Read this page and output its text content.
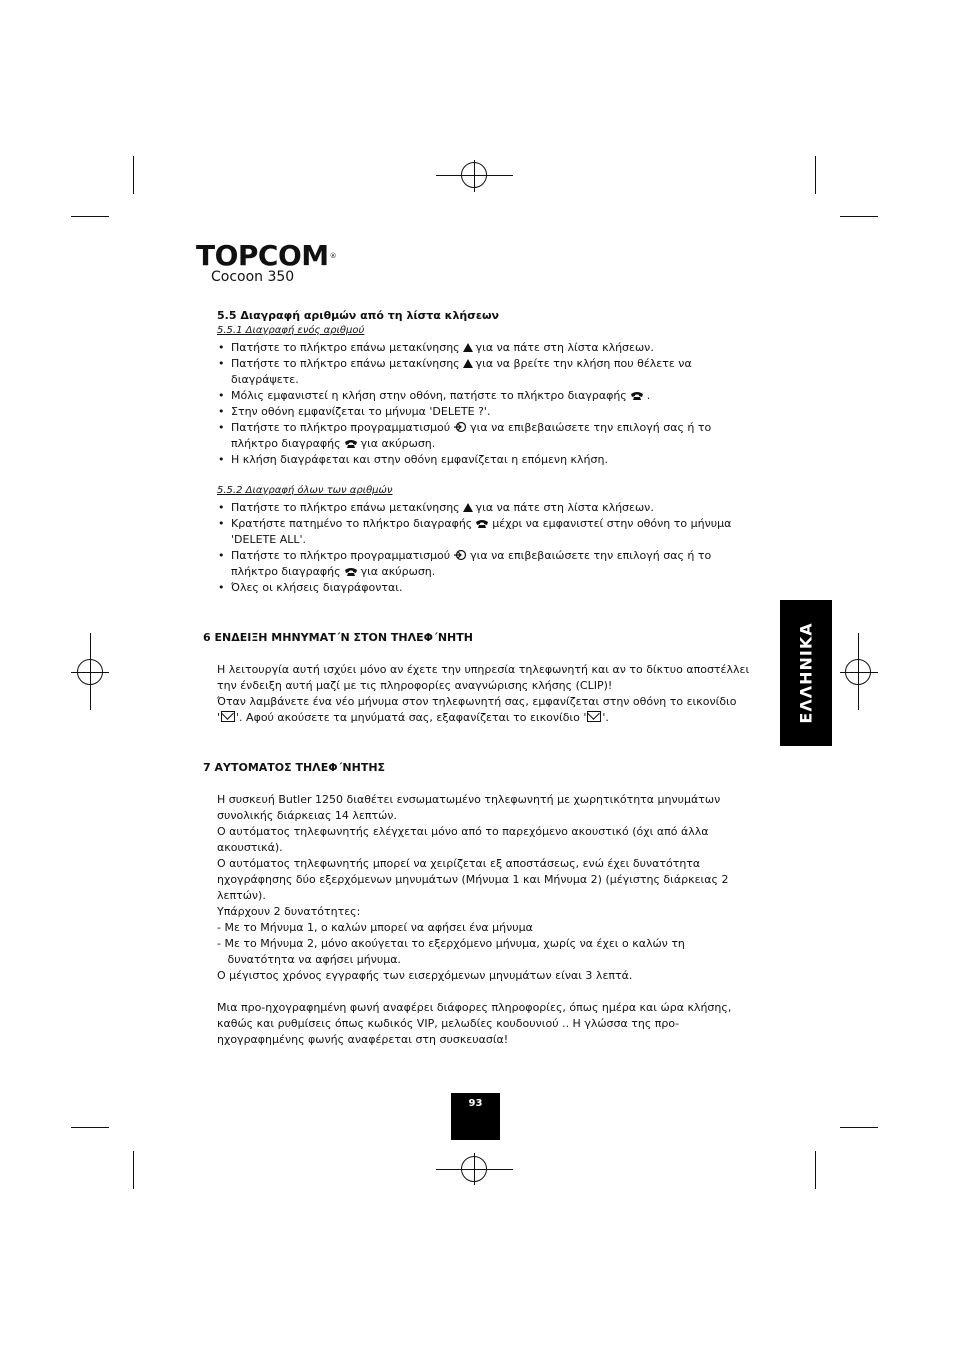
TOPCOM®
Cocoon 350
5.5 Διαγραφή αριθμών από τη λίστα κλήσεων
5.5.1 Διαγραφή ενός αριθμού
• Πατήστε το πλήκτρο επάνω μετακίνησης για να πάτε στη λίστα κλήσεων.
• Πατήστε το πλήκτρο επάνω μετακίνησης για να βρείτε την κλήση που θέλετε να
διαγράψετε.
• Μόλις εμφανιστεί η κλήση στην οθόνη, πατήστε το πλήκτρο διαγραφής .
• Στην οθόνη εμφανίζεται το μήνυμα 'DELETE ?'.
• Πατήστε το πλήκτρο προγραμματισμού για να επιβεβαιώσετε την επιλογή σας ή το
πλήκτρο διαγραφής για ακύρωση.
• Η κλήση διαγράφεται και στην οθόνη εμφανίζεται η επόμενη κλήση.
5.5.2 Διαγραφή όλων των αριθμών
• Πατήστε το πλήκτρο επάνω μετακίνησης για να πάτε στη λίστα κλήσεων.
• Κρατήστε πατημένο το πλήκτρο διαγραφής μέχρι να εμφανιστεί στην οθόνη το μήνυμα
'DELETE ALL'.
• Πατήστε το πλήκτρο προγραμματισμού για να επιβεβαιώσετε την επιλογή σας ή το
πλήκτρο διαγραφής για ακύρωση.
• Όλες οι κλήσεις διαγράφονται.
6 ΕΝΔΕΙΞΗ ΜΗΝΥΜΑΤ΄Ν ΣΤΟΝ ΤΗΛΕΦ΄ΝΗΤΗ
Η λειτουργία αυτή ισχύει μόνο αν έχετε την υπηρεσία τηλεφωνητή και αν το δίκτυο αποστέλλει
την ένδειξη αυτή μαζί με τις πληροφορίες αναγνώρισης κλήσης (CLIP)!
Όταν λαμβάνετε ένα νέο μήνυμα στον τηλεφωνητή σας, εμφανίζεται στην οθόνη το εικονίδιο
' '. Αφού ακούσετε τα μηνύματά σας, εξαφανίζεται το εικονίδιο ' '.
7 ΑΥΤΟΜΑΤΟΣ ΤΗΛΕΦ΄ΝΗΤΗΣ
Η συσκευή Butler 1250 διαθέτει ενσωματωμένο τηλεφωνητή με χωρητικότητα μηνυμάτων
συνολικής διάρκειας 14 λεπτών.
Ο αυτόματος τηλεφωνητής ελέγχεται μόνο από το παρεχόμενο ακουστικό (όχι από άλλα
ακουστικά).
Ο αυτόματος τηλεφωνητής μπορεί να χειρίζεται εξ αποστάσεως, ενώ έχει δυνατότητα
ηχογράφησης δύο εξερχόμενων μηνυμάτων (Μήνυμα 1 και Μήνυμα 2) (μέγιστης διάρκειας 2
λεπτών).
Υπάρχουν 2 δυνατότητες:
- Με το Μήνυμα 1, ο καλών μπορεί να αφήσει ένα μήνυμα
- Με το Μήνυμα 2, μόνο ακούγεται το εξερχόμενο μήνυμα, χωρίς να έχει ο καλών τη
δυνατότητα να αφήσει μήνυμα.
Ο μέγιστος χρόνος εγγραφής των εισερχόμενων μηνυμάτων είναι 3 λεπτά.
Μια προ-ηχογραφημένη φωνή αναφέρει διάφορες πληροφορίες, όπως ημέρα και ώρα κλήσης,
καθώς και ρυθμίσεις όπως κωδικός VIP, μελωδίες κουδουνιού .. Η γλώσσα της προ-
ηχογραφημένης φωνής αναφέρεται στη συσκευασία!
ΕΛΛΗΝΙΚΑ
93
